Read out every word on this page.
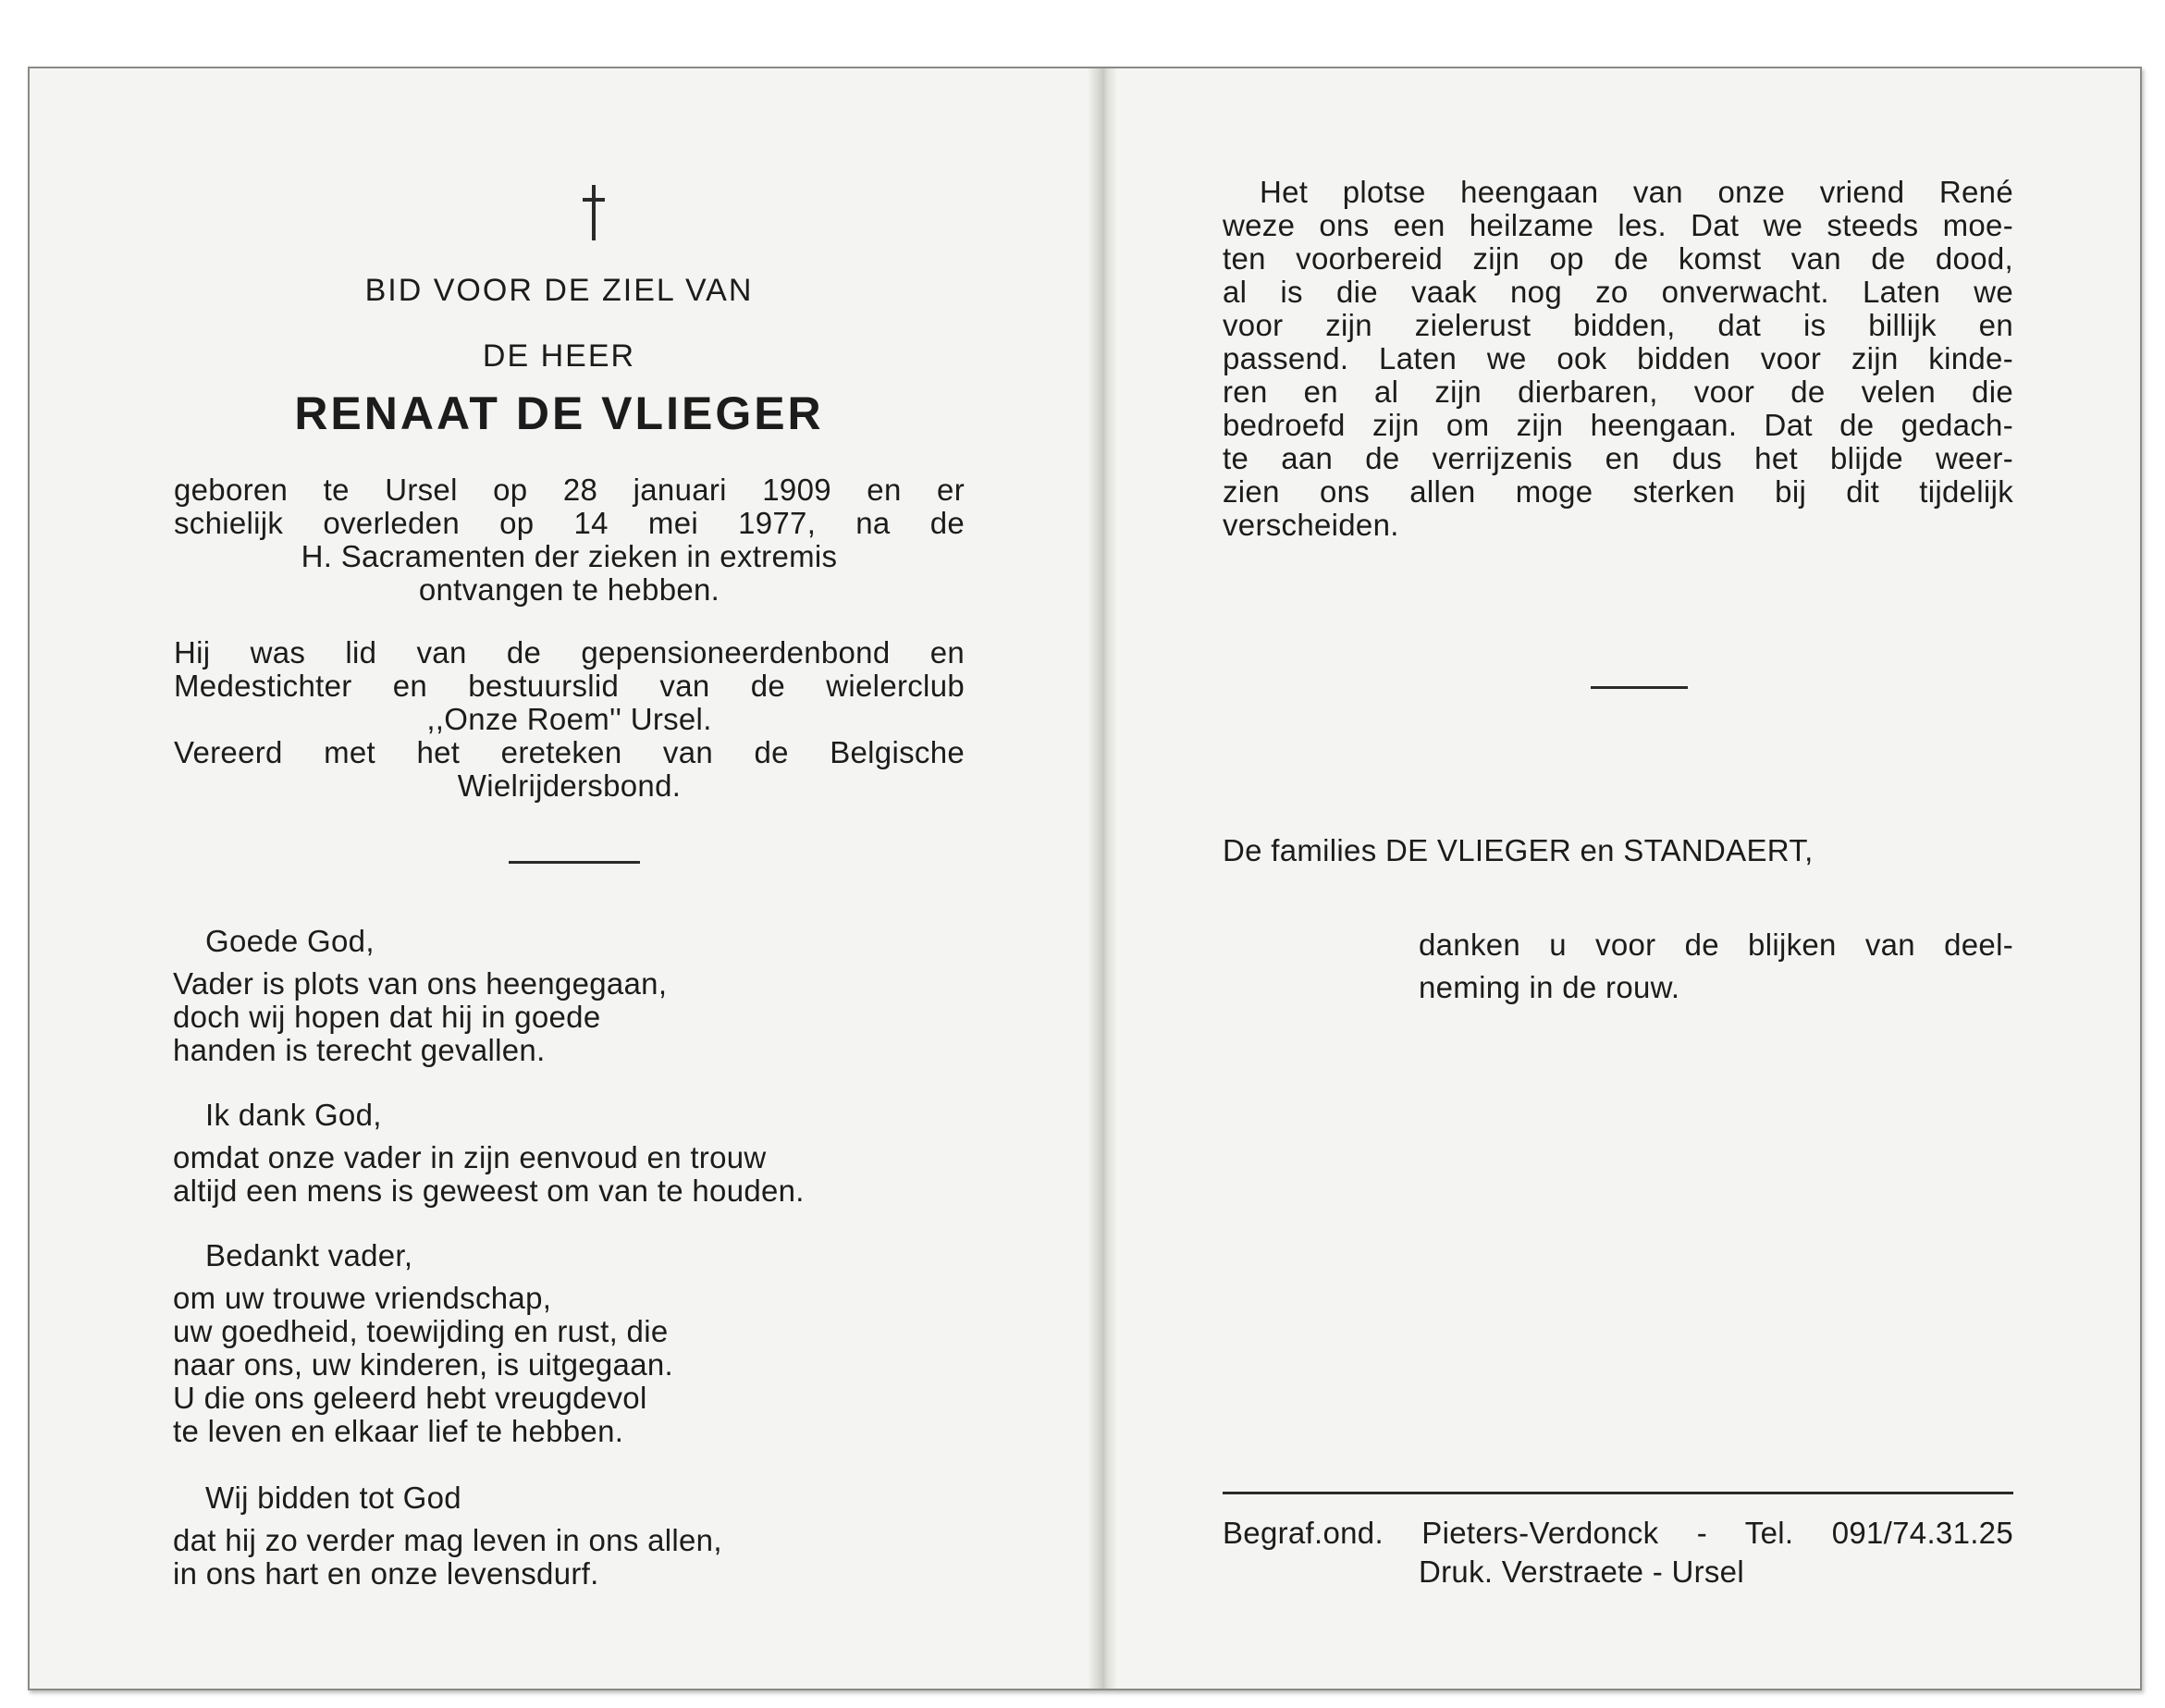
BID VOOR DE ZIEL VAN
DE HEER
RENAAT DE VLIEGER
geboren te Ursel op 28 januari 1909 en er
schielijk overleden op 14 mei 1977, na de
H. Sacramenten der zieken in extremis
ontvangen te hebben.
Hij was lid van de gepensioneerdenbond en
Medestichter en bestuurslid van de wielerclub
,,Onze Roem'' Ursel.
Vereerd met het ereteken van de Belgische
Wielrijdersbond.
Goede God,
Vader is plots van ons heengegaan,
doch wij hopen dat hij in goede
handen is terecht gevallen.
Ik dank God,
omdat onze vader in zijn eenvoud en trouw
altijd een mens is geweest om van te houden.
Bedankt vader,
om uw trouwe vriendschap,
uw goedheid, toewijding en rust, die
naar ons, uw kinderen, is uitgegaan.
U die ons geleerd hebt vreugdevol
te leven en elkaar lief te hebben.
Wij bidden tot God
dat hij zo verder mag leven in ons allen,
in ons hart en onze levensdurf.
Het plotse heengaan van onze vriend René
weze ons een heilzame les. Dat we steeds moe-
ten voorbereid zijn op de komst van de dood,
al is die vaak nog zo onverwacht. Laten we
voor zijn zielerust bidden, dat is billijk en
passend. Laten we ook bidden voor zijn kinde-
ren en al zijn dierbaren, voor de velen die
bedroefd zijn om zijn heengaan. Dat de gedach-
te aan de verrijzenis en dus het blijde weer-
zien ons allen moge sterken bij dit tijdelijk
verscheiden.
De families DE VLIEGER en STANDAERT,
danken u voor de blijken van deel-
neming in de rouw.
Begraf.ond. Pieters-Verdonck - Tel. 091/74.31.25
Druk. Verstraete - Ursel
